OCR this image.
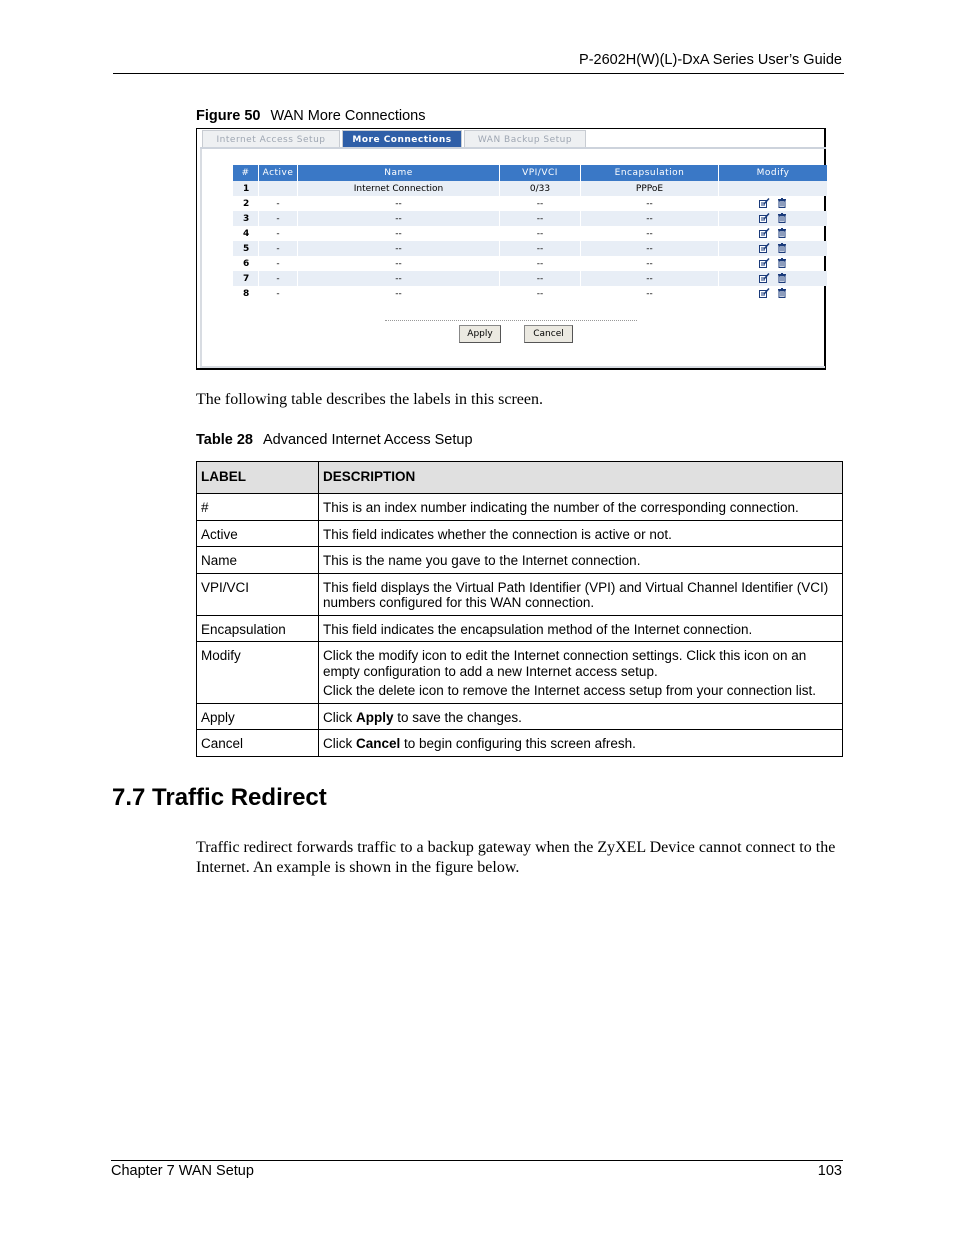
P-2602H(W)(L)-DxA Series User’s Guide
Figure 50 WAN More Connections
Internet Access Setup	More Connections	WAN Backup Setup
#	Active	Name	VPI/VCI	Encapsulation	Modify
1		Internet Connection	0/33	PPPoE	
2	-	--	--	--	
3	-	--	--	--	
4	-	--	--	--	
5	-	--	--	--	
6	-	--	--	--	
7	-	--	--	--	
8	-	--	--	--	
Apply	Cancel
The following table describes the labels in this screen.
Table 28 Advanced Internet Access Setup
LABEL	DESCRIPTION
#	This is an index number indicating the number of the corresponding connection.

Active	This field indicates whether the connection is active or not.

Name	This is the name you gave to the Internet connection.

VPI/VCI	This field displays the Virtual Path Identifier (VPI) and Virtual Channel Identifier (VCI) numbers configured for this WAN connection.

Encapsulation	This field indicates the encapsulation method of the Internet connection.

Modify	Click the modify icon to edit the Internet connection settings. Click this icon on an empty configuration to add a new Internet access setup.

Click the delete icon to remove the Internet access setup from your connection list.

Apply	Click Apply to save the changes.
Cancel	Click Cancel to begin configuring this screen afresh.
7.7 Traffic Redirect
Traffic redirect forwards traffic to a backup gateway when the ZyXEL Device cannot connect to the Internet. An example is shown in the figure below.
Chapter 7 WAN Setup	103
